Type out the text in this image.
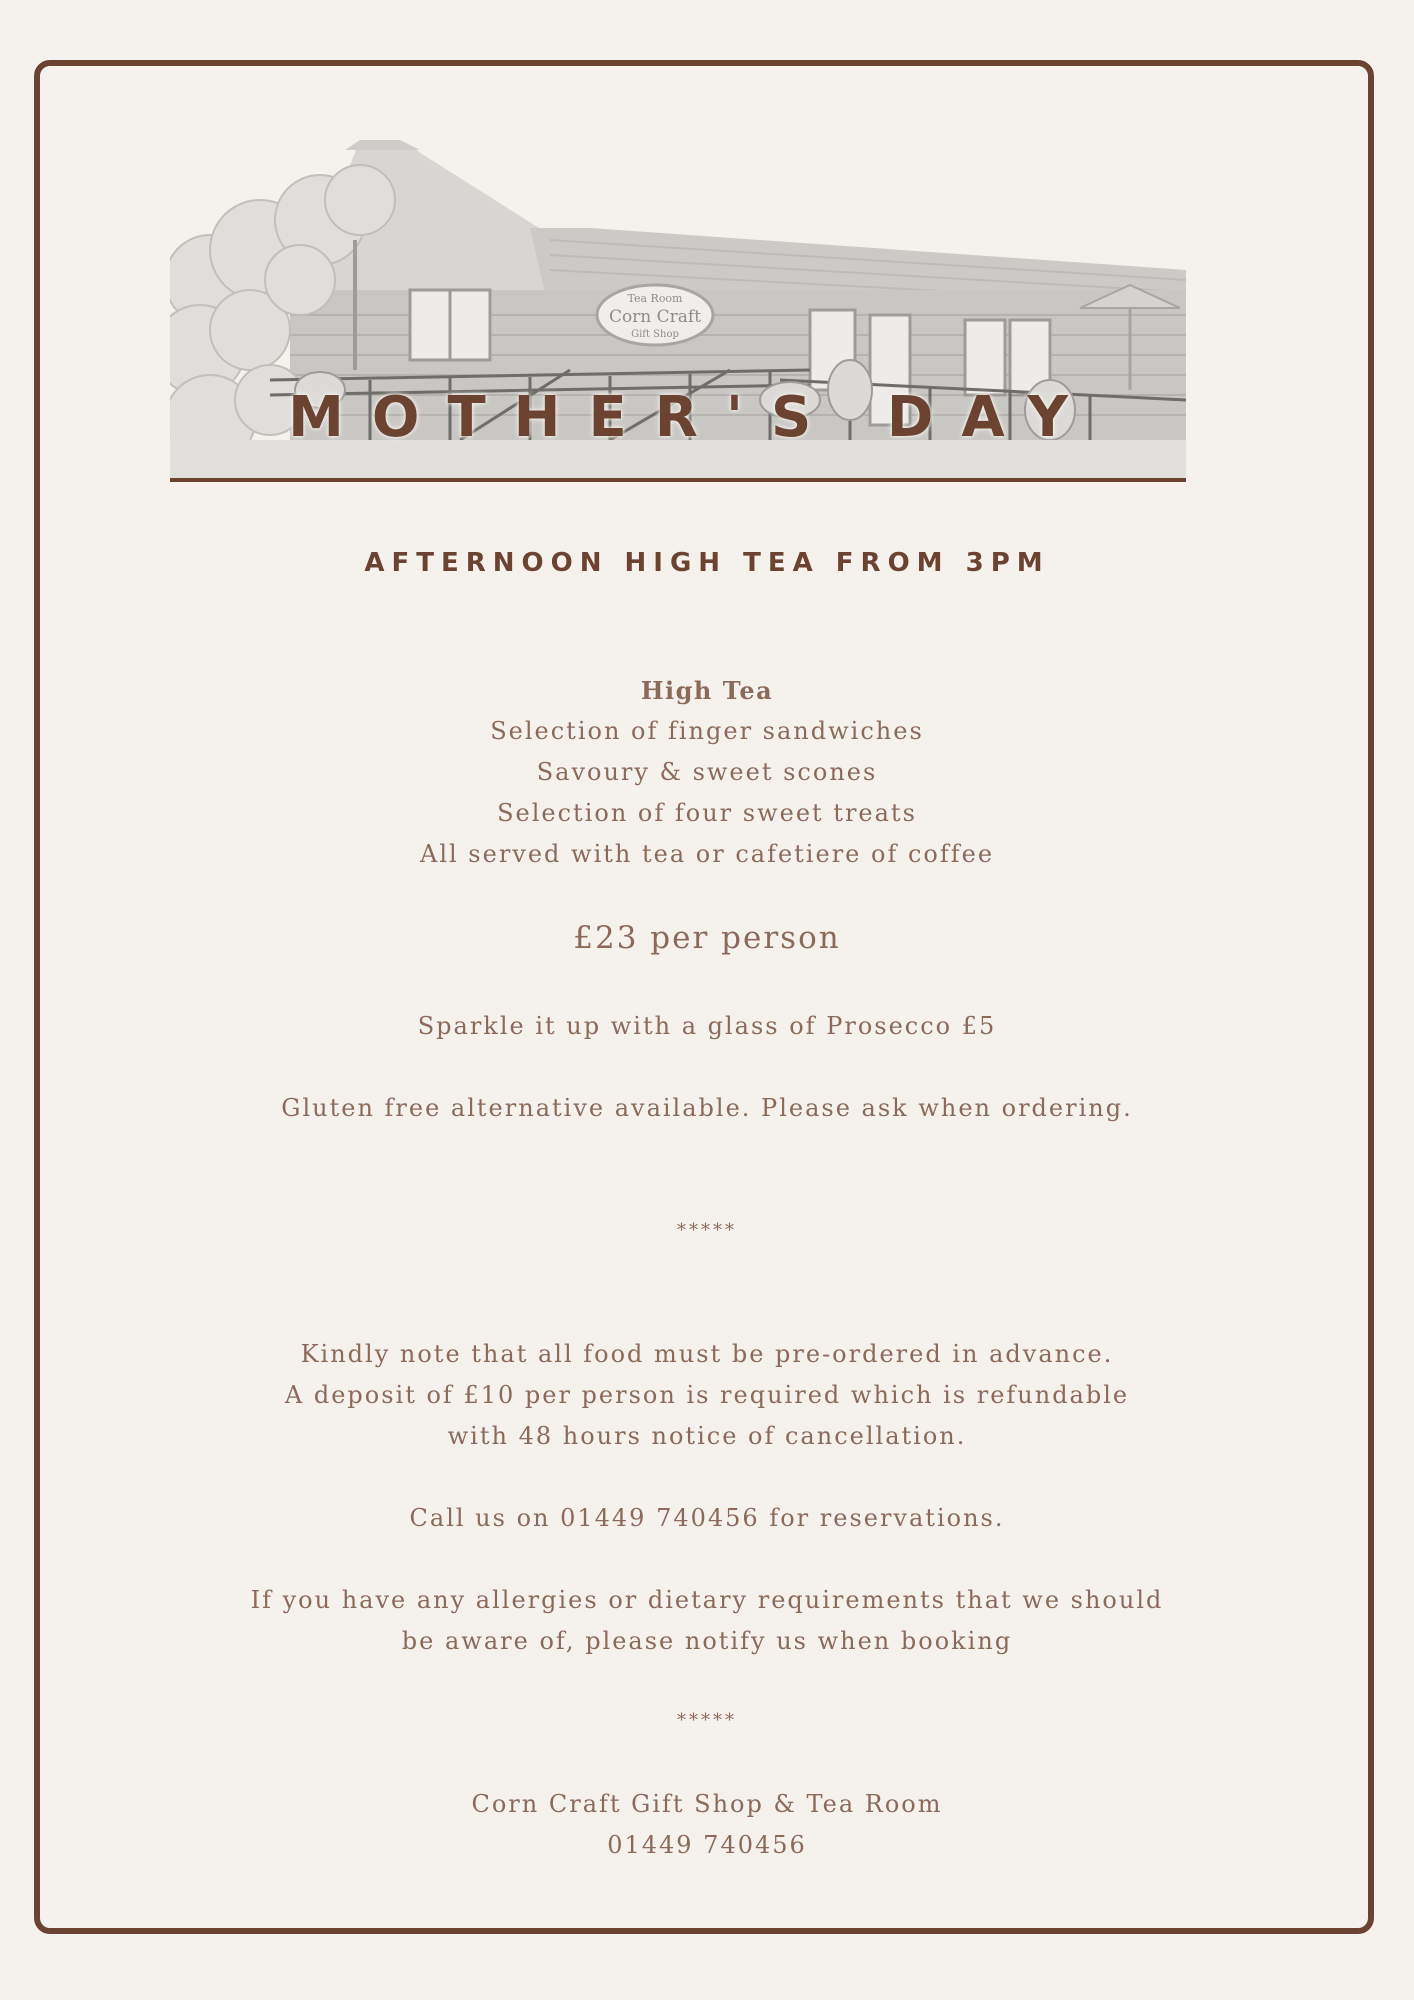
Tea Room
Corn Craft
Gift Shop
MOTHER'S DAY
AFTERNOON HIGH TEA FROM 3PM
High Tea
Selection of finger sandwiches
Savoury & sweet scones
Selection of four sweet treats
All served with tea or cafetiere of coffee
£23 per person
Sparkle it up with a glass of Prosecco £5
Gluten free alternative available. Please ask when ordering.
*****
Kindly note that all food must be pre-ordered in advance.
A deposit of £10 per person is required which is refundable
with 48 hours notice of cancellation.
Call us on 01449 740456 for reservations.
If you have any allergies or dietary requirements that we should
be aware of, please notify us when booking
*****
Corn Craft Gift Shop & Tea Room
01449 740456
